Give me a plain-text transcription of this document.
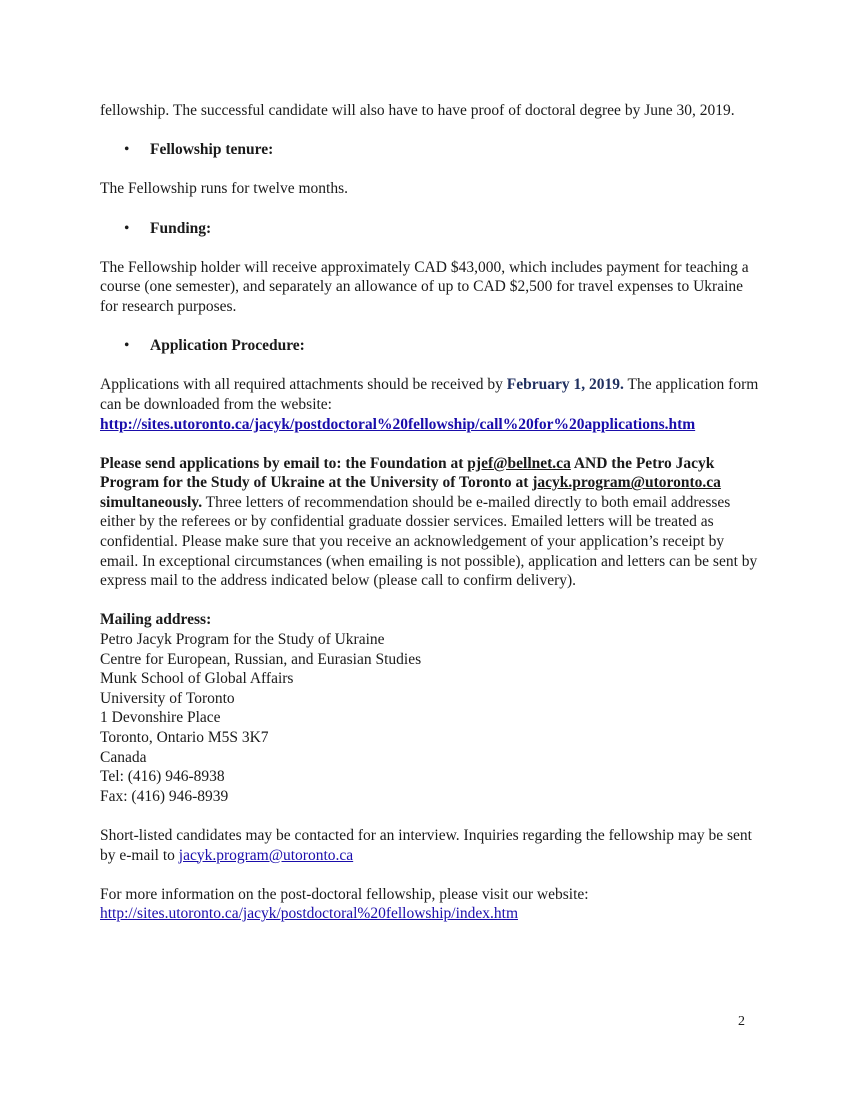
fellowship. The successful candidate will also have to have proof of doctoral degree by June 30, 2019.

• Fellowship tenure:

The Fellowship runs for twelve months.

• Funding:

The Fellowship holder will receive approximately CAD $43,000, which includes payment for teaching a course (one semester), and separately an allowance of up to CAD $2,500 for travel expenses to Ukraine for research purposes.

• Application Procedure:

Applications with all required attachments should be received by February 1, 2019. The application form can be downloaded from the website:
http://sites.utoronto.ca/jacyk/postdoctoral%20fellowship/call%20for%20applications.htm

Please send applications by email to: the Foundation at pjef@bellnet.ca AND the Petro Jacyk Program for the Study of Ukraine at the University of Toronto at jacyk.program@utoronto.ca simultaneously. Three letters of recommendation should be e-mailed directly to both email addresses either by the referees or by confidential graduate dossier services. Emailed letters will be treated as confidential. Please make sure that you receive an acknowledgement of your application’s receipt by email. In exceptional circumstances (when emailing is not possible), application and letters can be sent by express mail to the address indicated below (please call to confirm delivery).

Mailing address:
Petro Jacyk Program for the Study of Ukraine
Centre for European, Russian, and Eurasian Studies
Munk School of Global Affairs
University of Toronto
1 Devonshire Place
Toronto, Ontario M5S 3K7
Canada
Tel: (416) 946-8938
Fax: (416) 946-8939

Short-listed candidates may be contacted for an interview. Inquiries regarding the fellowship may be sent by e-mail to jacyk.program@utoronto.ca

For more information on the post-doctoral fellowship, please visit our website:
http://sites.utoronto.ca/jacyk/postdoctoral%20fellowship/index.htm

2
